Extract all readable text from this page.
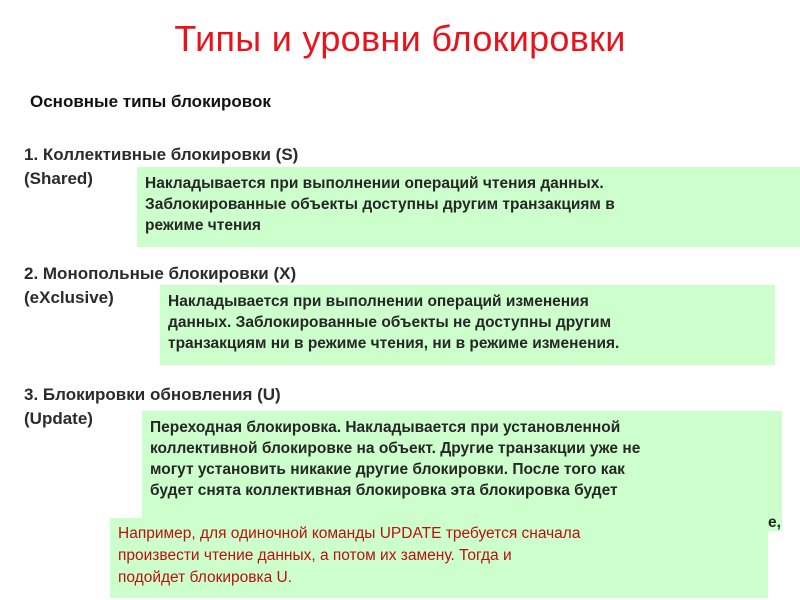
Типы и уровни блокировки
Основные типы блокировок
1. Коллективные блокировки (S)
(Shared)	Накладывается при выполнении операций чтения данных.
Заблокированные объекты доступны другим транзакциям в
режиме чтения
2. Монопольные блокировки (X)
(eXclusive)	Накладывается при выполнении операций изменения
данных. Заблокированные объекты не доступны другим
транзакциям ни в режиме чтения, ни в режиме изменения.
3. Блокировки обновления (U)
(Update)	Переходная блокировка. Накладывается при установленной
коллективной блокировке на объект. Другие транзакции уже не
могут установить никакие другие блокировки. После того как
будет снята коллективная блокировка эта блокировка будет
е,
Например, для одиночной команды UPDATE требуется сначала
произвести чтение данных, а потом их замену. Тогда и
подойдет блокировка U.
